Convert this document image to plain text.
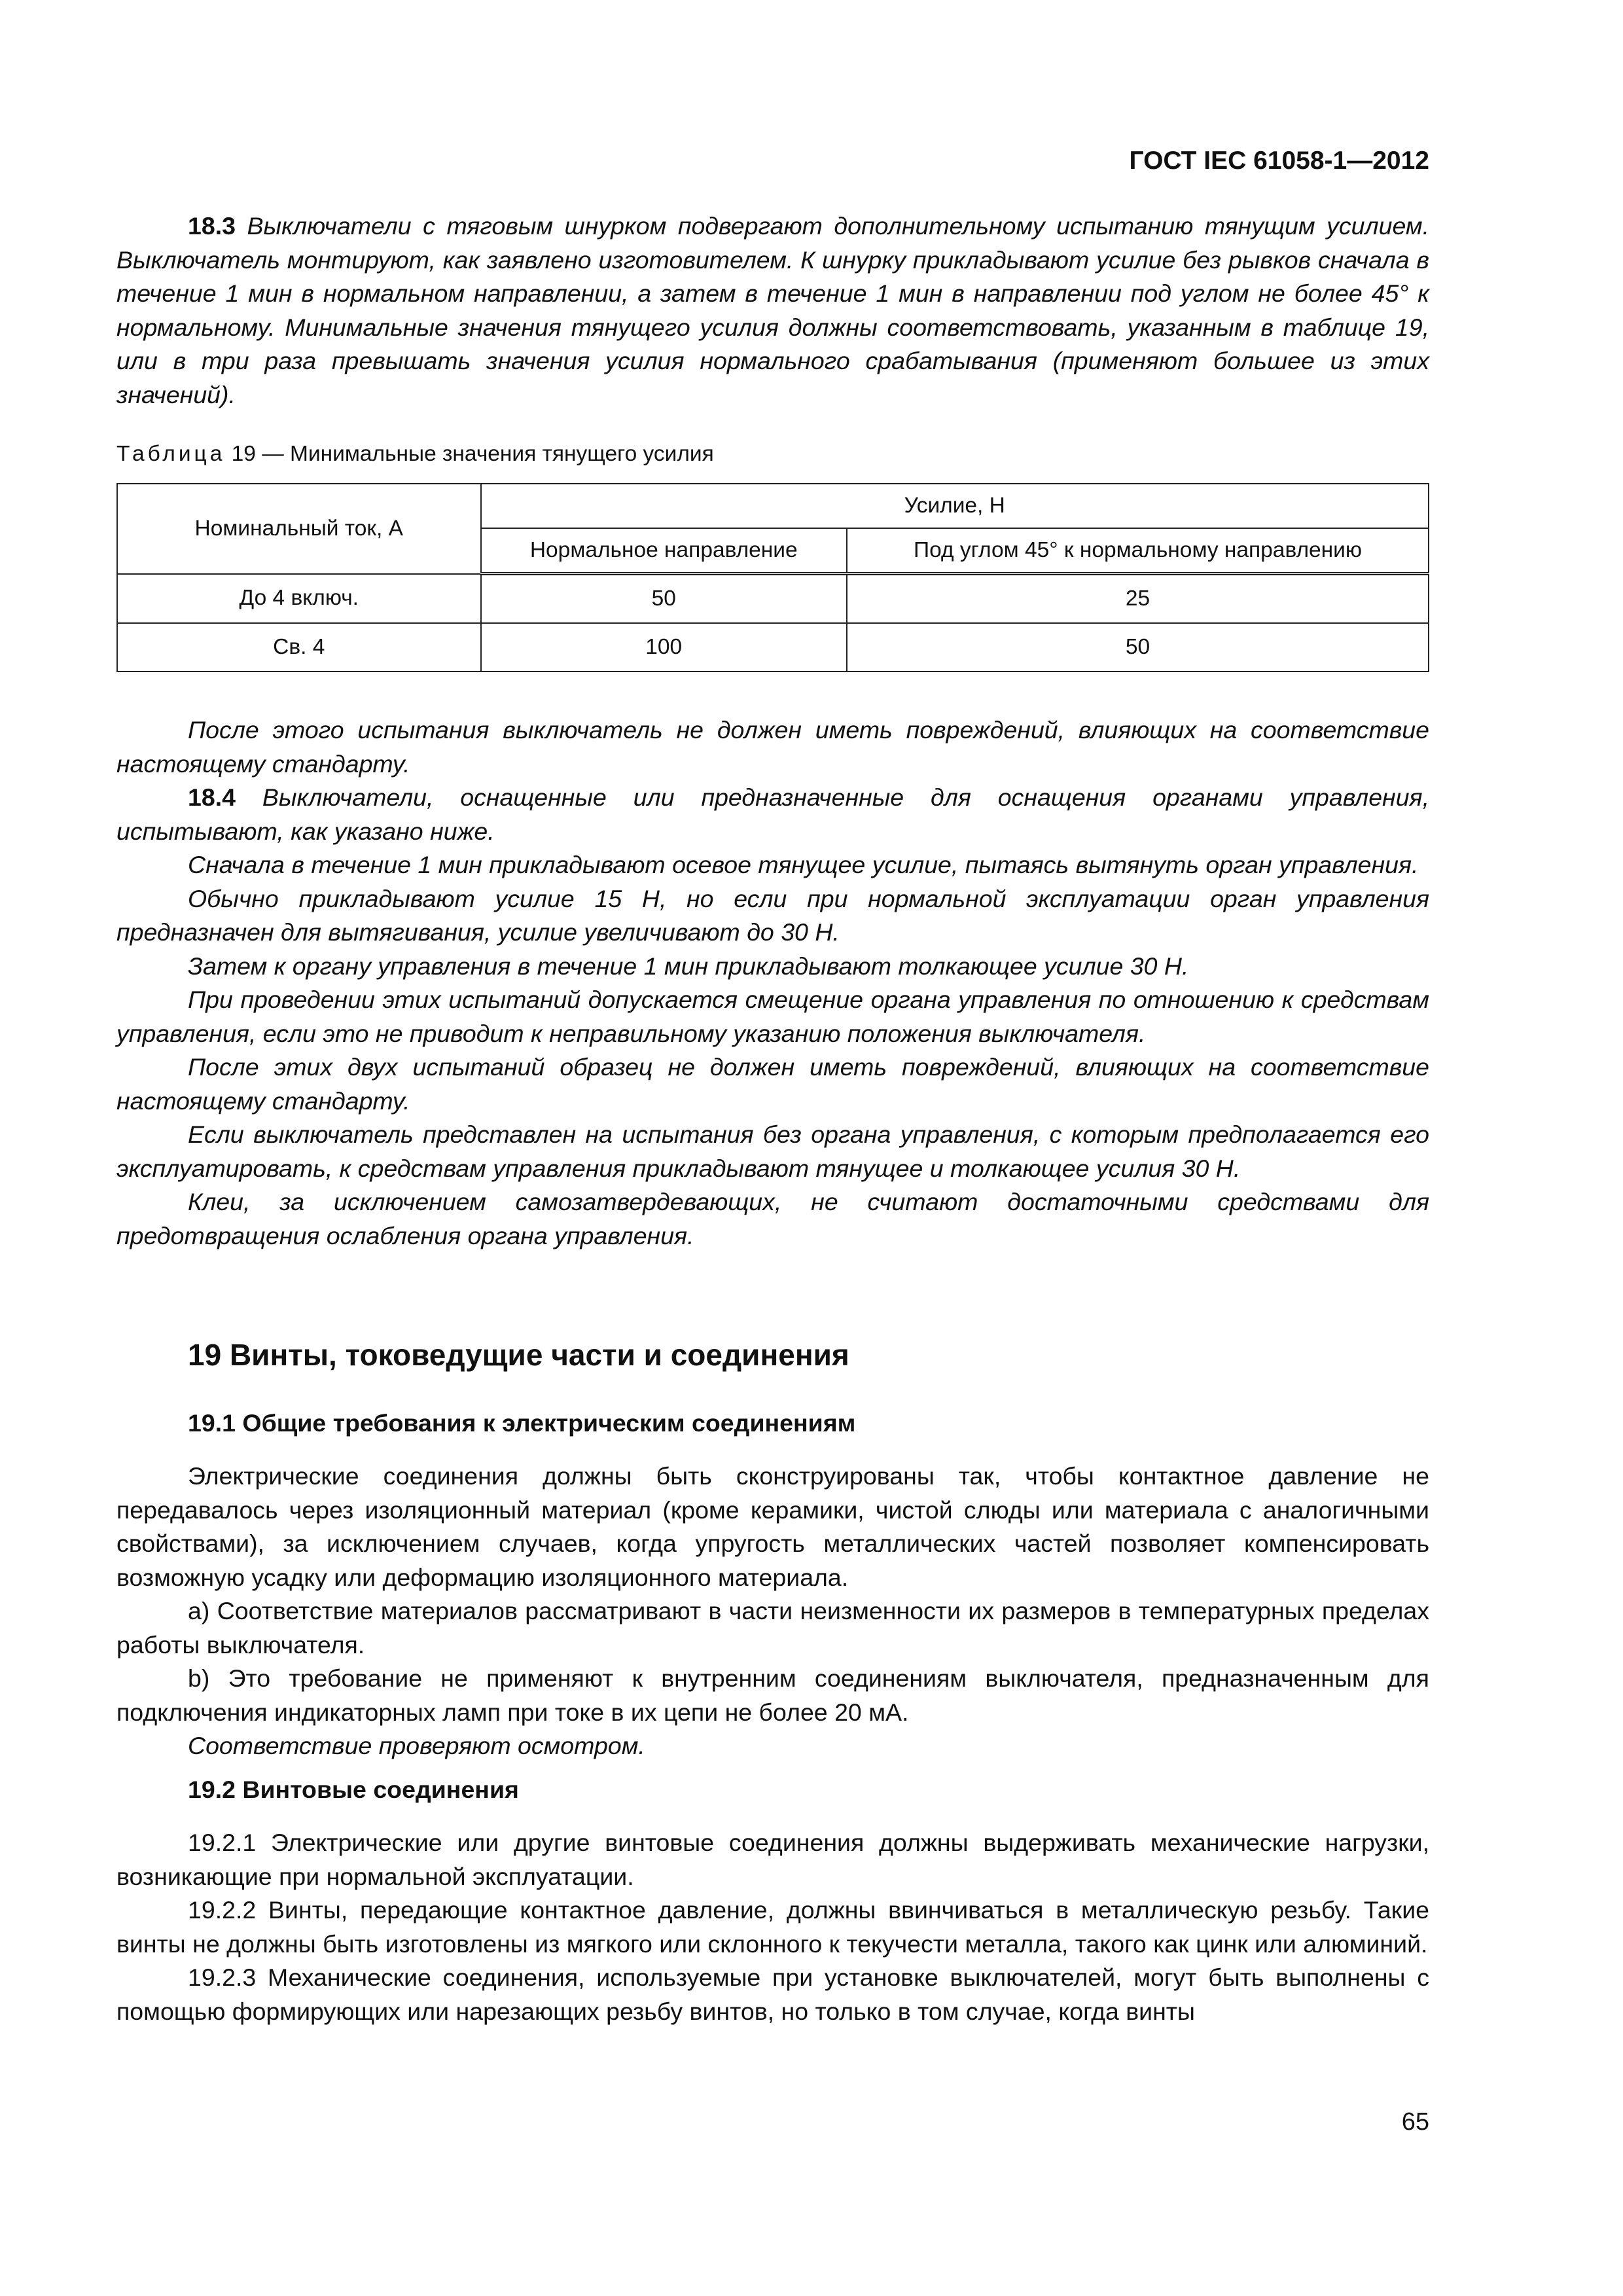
ГОСТ IEC 61058-1—2012

18.3 Выключатели с тяговым шнурком подвергают дополнительному испытанию тянущим усилием. Выключатель монтируют, как заявлено изготовителем. К шнурку прикладывают усилие без рывков сначала в течение 1 мин в нормальном направлении, а затем в течение 1 мин в направлении под углом не более 45° к нормальному. Минимальные значения тянущего усилия должны соответствовать, указанным в таблице 19, или в три раза превышать значения усилия нормального срабатывания (применяют большее из этих значений).

Таблица 19 — Минимальные значения тянущего усилия
Номинальный ток, А	Усилие, Н	
	Нормальное направление	Под углом 45° к нормальному направлению
До 4 включ.	50	25
Св. 4	100	50

После этого испытания выключатель не должен иметь повреждений, влияющих на соответствие настоящему стандарту.

18.4 Выключатели, оснащенные или предназначенные для оснащения органами управления, испытывают, как указано ниже.

Сначала в течение 1 мин прикладывают осевое тянущее усилие, пытаясь вытянуть орган управления.

Обычно прикладывают усилие 15 Н, но если при нормальной эксплуатации орган управления предназначен для вытягивания, усилие увеличивают до 30 Н.

Затем к органу управления в течение 1 мин прикладывают толкающее усилие 30 Н.

При проведении этих испытаний допускается смещение органа управления по отношению к средствам управления, если это не приводит к неправильному указанию положения выключателя.

После этих двух испытаний образец не должен иметь повреждений, влияющих на соответствие настоящему стандарту.

Если выключатель представлен на испытания без органа управления, с которым предполагается его эксплуатировать, к средствам управления прикладывают тянущее и толкающее усилия 30 Н.

Клеи, за исключением самозатвердевающих, не считают достаточными средствами для предотвращения ослабления органа управления.

19 Винты, токоведущие части и соединения
19.1 Общие требования к электрическим соединениям

Электрические соединения должны быть сконструированы так, чтобы контактное давление не передавалось через изоляционный материал (кроме керамики, чистой слюды или материала с аналогичными свойствами), за исключением случаев, когда упругость металлических частей позволяет компенсировать возможную усадку или деформацию изоляционного материала.

а) Соответствие материалов рассматривают в части неизменности их размеров в температурных пределах работы выключателя.

b) Это требование не применяют к внутренним соединениям выключателя, предназначенным для подключения индикаторных ламп при токе в их цепи не более 20 мА.

Соответствие проверяют осмотром.

19.2 Винтовые соединения

19.2.1 Электрические или другие винтовые соединения должны выдерживать механические нагрузки, возникающие при нормальной эксплуатации.

19.2.2 Винты, передающие контактное давление, должны ввинчиваться в металлическую резьбу. Такие винты не должны быть изготовлены из мягкого или склонного к текучести металла, такого как цинк или алюминий.

19.2.3 Механические соединения, используемые при установке выключателей, могут быть выполнены с помощью формирующих или нарезающих резьбу винтов, но только в том случае, когда винты

65
